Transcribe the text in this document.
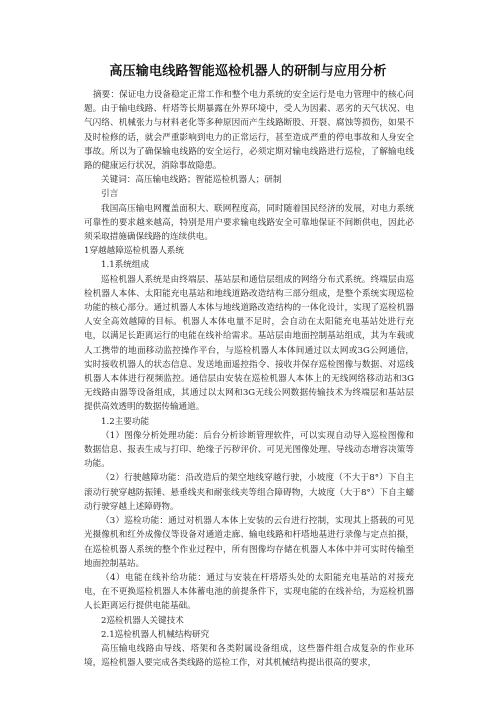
高压输电线路智能巡检机器人的研制与应用分析

摘要：保证电力设备稳定正常工作和整个电力系统的安全运行是电力管理中的核心问题。由于输电线路、杆塔等长期暴露在外界环境中，受人为因素、恶劣的天气状况、电气闪络、机械张力与材料老化等多种原因而产生线路断股、开裂、腐蚀等损伤，如果不及时检修的话，就会严重影响到电力的正常运行，甚至造成严重的停电事故和人身安全事故。所以为了确保输电线路的安全运行，必须定期对输电线路进行巡检，了解输电线路的健康运行状况，消除事故隐患。

关键词：高压输电线路；智能巡检机器人；研制

引言

我国高压输电网覆盖面积大、联网程度高，同时随着国民经济的发展，对电力系统可靠性的要求越来越高，特别是用户要求输电线路安全可靠地保证不间断供电，因此必须采取措施确保线路的连续供电。

1穿越越障巡检机器人系统

1.1系统组成

巡检机器人系统是由终端层、基站层和通信层组成的网络分布式系统。终端层由巡检机器人本体、太阳能充电基站和地线道路改造结构三部分组成，是整个系统实现巡检功能的核心部分。通过机器人本体与地线道路改造结构的一体化设计，实现了巡检机器人安全高效越障的目标。机器人本体电量不足时，会自动在太阳能充电基站处进行充电，以满足长距离运行的电能在线补给需求。基站层由地面控制基站组成，其为车载或人工携带的地面移动监控操作平台，与巡检机器人本体间通过以太网或3G公网通信，实时接收机器人的状态信息、发送地面遥控指令、接收并保存巡检图像与数据、对巡线机器人本体进行视频监控。通信层由安装在巡检机器人本体上的无线网络移动站和3G无线路由器等设备组成，其通过以太网和3G无线公网数据传输技术为终端层和基站层提供高效透明的数据传输通道。

1.2主要功能

（1）图像分析处理功能：后台分析诊断管理软件，可以实现自动导入巡检图像和数据信息、报表生成与打印、绝缘子污秽评价、可见光图像处理、导线动态增容决策等功能。

（2）行驶越障功能：沿改造后的架空地线穿越行驶，小坡度（不大于8°）下自主滚动行驶穿越防振锤、悬垂线夹和耐张线夹等组合障碍物，大坡度（大于8°）下自主蠕动行驶穿越上述障碍物。

（3）巡检功能：通过对机器人本体上安装的云台进行控制，实现其上搭载的可见光摄像机和红外成像仪等设备对通道走廊、输电线路和杆塔地基进行录像与定点拍摄，在巡检机器人系统的整个作业过程中，所有图像均存储在机器人本体中并可实时传输至地面控制基站。

（4）电能在线补给功能：通过与安装在杆塔塔头处的太阳能充电基站的对接充电，在不更换巡检机器人本体蓄电池的前提条件下，实现电能的在线补给，为巡检机器人长距离运行提供电能基础。

2巡检机器人关键技术

2.1巡检机器人机械结构研究

高压输电线路由导线、塔架和各类附属设备组成，这些器件组合成复杂的作业环境，巡检机器人要完成各类线路的巡检工作，对其机械结构提出很高的要求，
